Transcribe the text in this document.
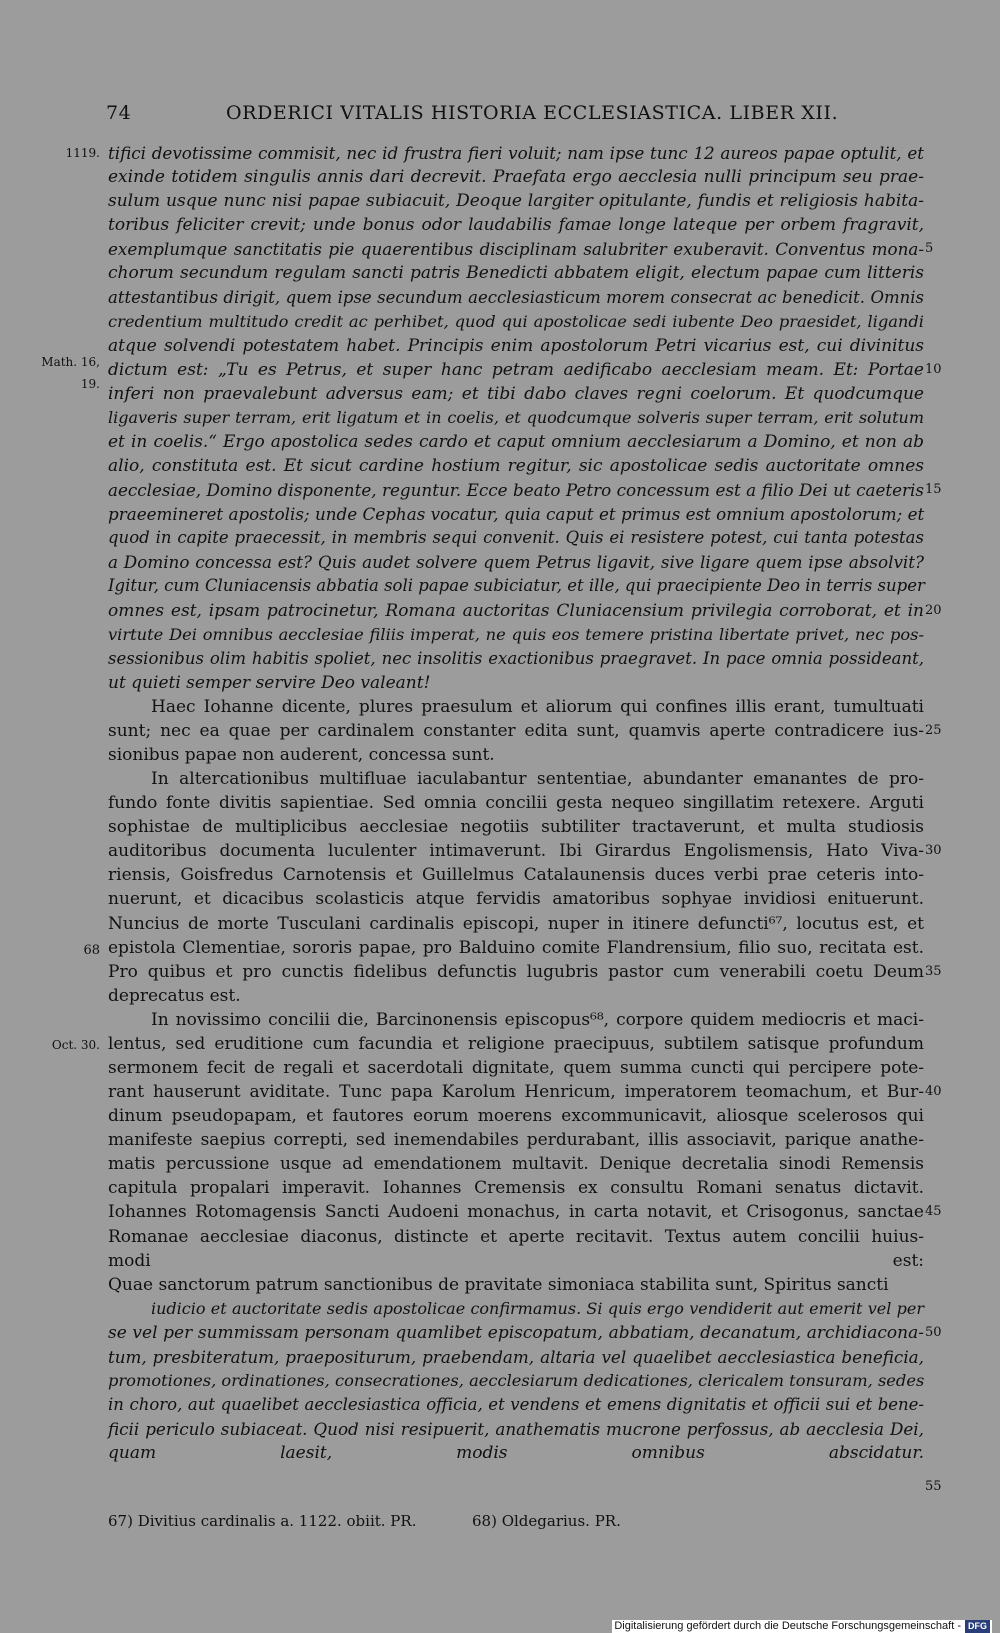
74	ORDERICI VITALIS HISTORIA ECCLESIASTICA. LIBER XII.
1119.
Math. 16, 19.
68
Oct. 30.
tifici devotissime commisit, nec id frustra fieri voluit; nam ipse tunc 12 aureos papae optulit, et
exinde totidem singulis annis dari decrevit. Praefata ergo aecclesia nulli principum seu prae-
sulum usque nunc nisi papae subiacuit, Deoque largiter opitulante, fundis et religiosis habita-
toribus feliciter crevit; unde bonus odor laudabilis famae longe lateque per orbem fragravit,
exemplumque sanctitatis pie quaerentibus disciplinam salubriter exuberavit. Conventus mona-
chorum secundum regulam sancti patris Benedicti abbatem eligit, electum papae cum litteris
attestantibus dirigit, quem ipse secundum aecclesiasticum morem consecrat ac benedicit. Omnis
credentium multitudo credit ac perhibet, quod qui apostolicae sedi iubente Deo praesidet, ligandi
atque solvendi potestatem habet. Principis enim apostolorum Petri vicarius est, cui divinitus
dictum est: „Tu es Petrus, et super hanc petram aedificabo aecclesiam meam. Et: Portae
inferi non praevalebunt adversus eam; et tibi dabo claves regni coelorum. Et quodcumque
ligaveris super terram, erit ligatum et in coelis, et quodcumque solveris super terram, erit solutum
et in coelis.“ Ergo apostolica sedes cardo et caput omnium aecclesiarum a Domino, et non ab
alio, constituta est. Et sicut cardine hostium regitur, sic apostolicae sedis auctoritate omnes
aecclesiae, Domino disponente, reguntur. Ecce beato Petro concessum est a filio Dei ut caeteris
praeemineret apostolis; unde Cephas vocatur, quia caput et primus est omnium apostolorum; et
quod in capite praecessit, in membris sequi convenit. Quis ei resistere potest, cui tanta potestas
a Domino concessa est? Quis audet solvere quem Petrus ligavit, sive ligare quem ipse absolvit?
Igitur, cum Cluniacensis abbatia soli papae subiciatur, et ille, qui praecipiente Deo in terris super
omnes est, ipsam patrocinetur, Romana auctoritas Cluniacensium privilegia corroborat, et in
virtute Dei omnibus aecclesiae filiis imperat, ne quis eos temere pristina libertate privet, nec pos-
sessionibus olim habitis spoliet, nec insolitis exactionibus praegravet. In pace omnia possideant,
ut quieti semper servire Deo valeant!
Haec Iohanne dicente, plures praesulum et aliorum qui confines illis erant, tumultuati
sunt; nec ea quae per cardinalem constanter edita sunt, quamvis aperte contradicere ius-
sionibus papae non auderent, concessa sunt.
In altercationibus multifluae iaculabantur sententiae, abundanter emanantes de pro-
fundo fonte divitis sapientiae. Sed omnia concilii gesta nequeo singillatim retexere. Arguti
sophistae de multiplicibus aecclesiae negotiis subtiliter tractaverunt, et multa studiosis
auditoribus documenta luculenter intimaverunt. Ibi Girardus Engolismensis, Hato Viva-
riensis, Goisfredus Carnotensis et Guillelmus Catalaunensis duces verbi prae ceteris into-
nuerunt, et dicacibus scolasticis atque fervidis amatoribus sophyae invidiosi enituerunt.
Nuncius de morte Tusculani cardinalis episcopi, nuper in itinere defuncti⁶⁷, locutus est, et
epistola Clementiae, sororis papae, pro Balduino comite Flandrensium, filio suo, recitata est.
Pro quibus et pro cunctis fidelibus defunctis lugubris pastor cum venerabili coetu Deum
deprecatus est.
In novissimo concilii die, Barcinonensis episcopus⁶⁸, corpore quidem mediocris et maci-
lentus, sed eruditione cum facundia et religione praecipuus, subtilem satisque profundum
sermonem fecit de regali et sacerdotali dignitate, quem summa cuncti qui percipere pote-
rant hauserunt aviditate. Tunc papa Karolum Henricum, imperatorem teomachum, et Bur-
dinum pseudopapam, et fautores eorum moerens excommunicavit, aliosque scelerosos qui
manifeste saepius correpti, sed inemendabiles perdurabant, illis associavit, parique anathe-
matis percussione usque ad emendationem multavit. Denique decretalia sinodi Remensis
capitula propalari imperavit. Iohannes Cremensis ex consultu Romani senatus dictavit.
Iohannes Rotomagensis Sancti Audoeni monachus, in carta notavit, et Crisogonus, sanctae
Romanae aecclesiae diaconus, distincte et aperte recitavit. Textus autem concilii huius-
modi est:
Quae sanctorum patrum sanctionibus de pravitate simoniaca stabilita sunt, Spiritus sancti
iudicio et auctoritate sedis apostolicae confirmamus. Si quis ergo vendiderit aut emerit vel per
se vel per summissam personam quamlibet episcopatum, abbatiam, decanatum, archidiacona-
tum, presbiteratum, praepositurum, praebendam, altaria vel quaelibet aecclesiastica beneficia,
promotiones, ordinationes, consecrationes, aecclesiarum dedicationes, clericalem tonsuram, sedes
in choro, aut quaelibet aecclesiastica officia, et vendens et emens dignitatis et officii sui et bene-
ficii periculo subiaceat. Quod nisi resipuerit, anathematis mucrone perfossus, ab aecclesia Dei,
quam laesit, modis omnibus abscidatur.
5
10
15
20
25
30
35
40
45
50
55
67) Divitius cardinalis a. 1122. obiit. PR.	68) Oldegarius. PR.
Digitalisierung gefördert durch die Deutsche Forschungsgemeinschaft - DFG
